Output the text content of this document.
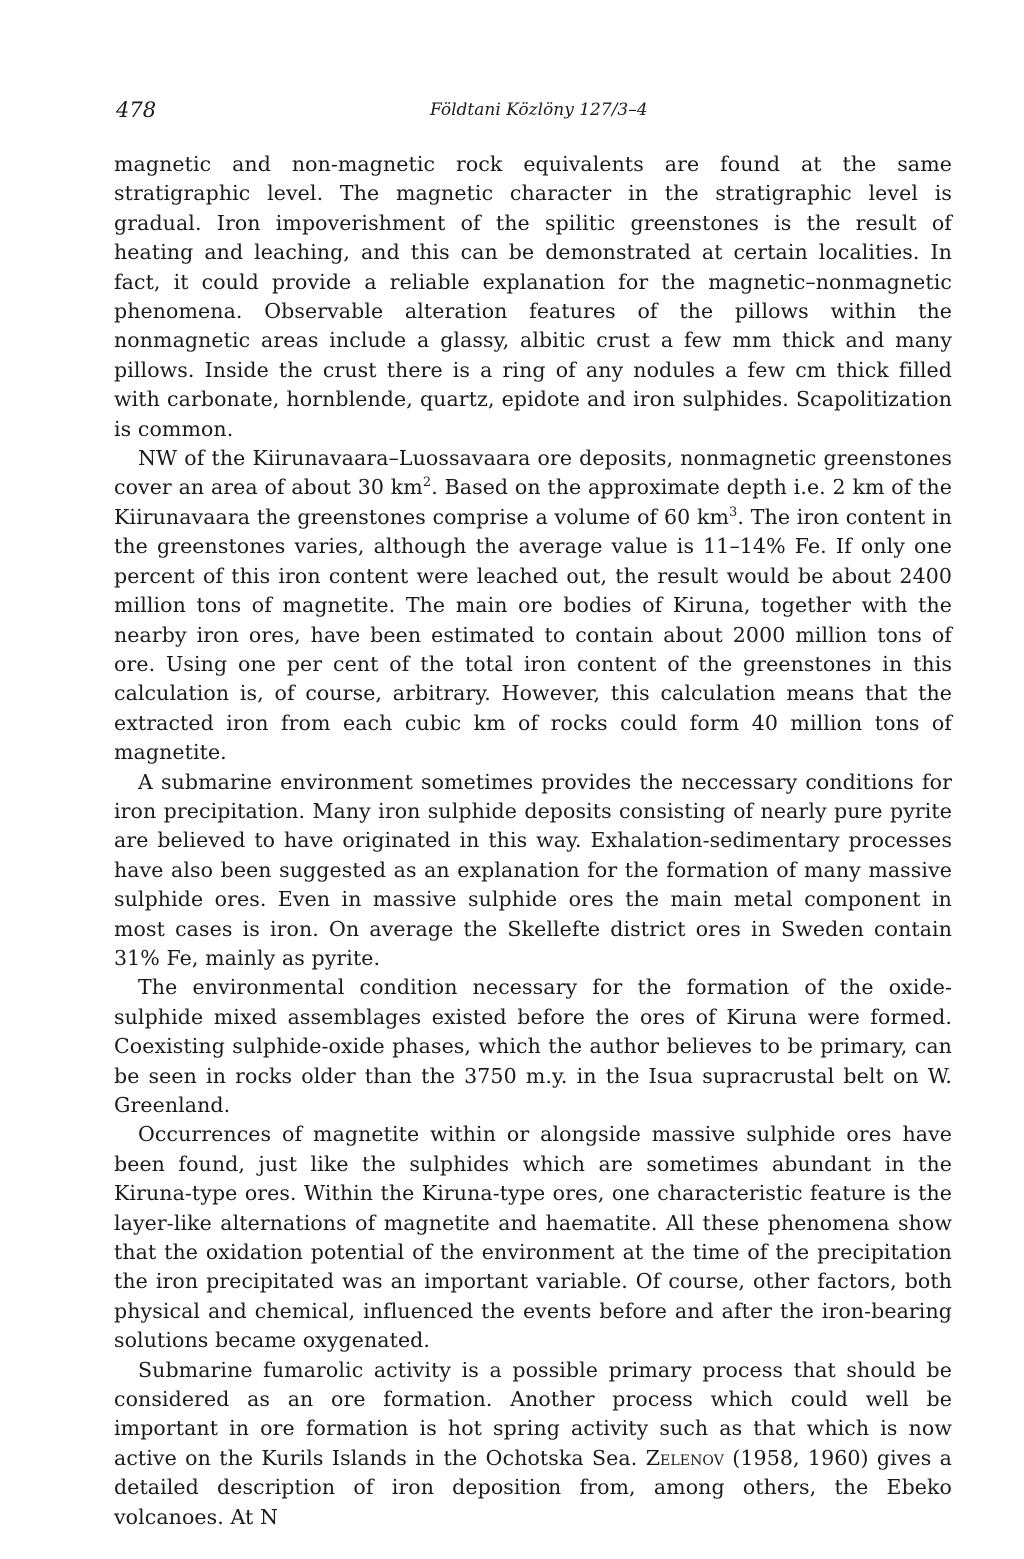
478	Földtani Közlöny 127/3–4

magnetic and non-magnetic rock equivalents are found at the same stratigraphic level. The magnetic character in the stratigraphic level is gradual. Iron impoverishment of the spilitic greenstones is the result of heating and leaching, and this can be demonstrated at certain localities. In fact, it could provide a reliable explanation for the magnetic–nonmagnetic phenomena. Observable alteration features of the pillows within the nonmagnetic areas include a glassy, albitic crust a few mm thick and many pillows. Inside the crust there is a ring of any nodules a few cm thick filled with carbonate, hornblende, quartz, epidote and iron sulphides. Scapolitization is common.

NW of the Kiirunavaara–Luossavaara ore deposits, nonmagnetic greenstones cover an area of about 30 $km^2$. Based on the approximate depth i.e. 2 km of the Kiirunavaara the greenstones comprise a volume of 60 $km^3$. The iron content in the greenstones varies, although the average value is 11–14% Fe. If only one percent of this iron content were leached out, the result would be about 2400 million tons of magnetite. The main ore bodies of Kiruna, together with the nearby iron ores, have been estimated to contain about 2000 million tons of ore. Using one per cent of the total iron content of the greenstones in this calculation is, of course, arbitrary. However, this calculation means that the extracted iron from each cubic km of rocks could form 40 million tons of magnetite.

A submarine environment sometimes provides the neccessary conditions for iron precipitation. Many iron sulphide deposits consisting of nearly pure pyrite are believed to have originated in this way. Exhalation-sedimentary processes have also been suggested as an explanation for the formation of many massive sulphide ores. Even in massive sulphide ores the main metal component in most cases is iron. On average the Skellefte district ores in Sweden contain 31% Fe, mainly as pyrite.

The environmental condition necessary for the formation of the oxide-sulphide mixed assemblages existed before the ores of Kiruna were formed. Coexisting sulphide-oxide phases, which the author believes to be primary, can be seen in rocks older than the 3750 m.y. in the Isua supracrustal belt on W. Greenland.

Occurrences of magnetite within or alongside massive sulphide ores have been found, just like the sulphides which are sometimes abundant in the Kiruna-type ores. Within the Kiruna-type ores, one characteristic feature is the layer-like alternations of magnetite and haematite. All these phenomena show that the oxidation potential of the environment at the time of the precipitation the iron precipitated was an important variable. Of course, other factors, both physical and chemical, influenced the events before and after the iron-bearing solutions became oxygenated.

Submarine fumarolic activity is a possible primary process that should be considered as an ore formation. Another process which could well be important in ore formation is hot spring activity such as that which is now active on the Kurils Islands in the Ochotska Sea. Zelenov (1958, 1960) gives a detailed description of iron deposition from, among others, the Ebeko volcanoes. At N
